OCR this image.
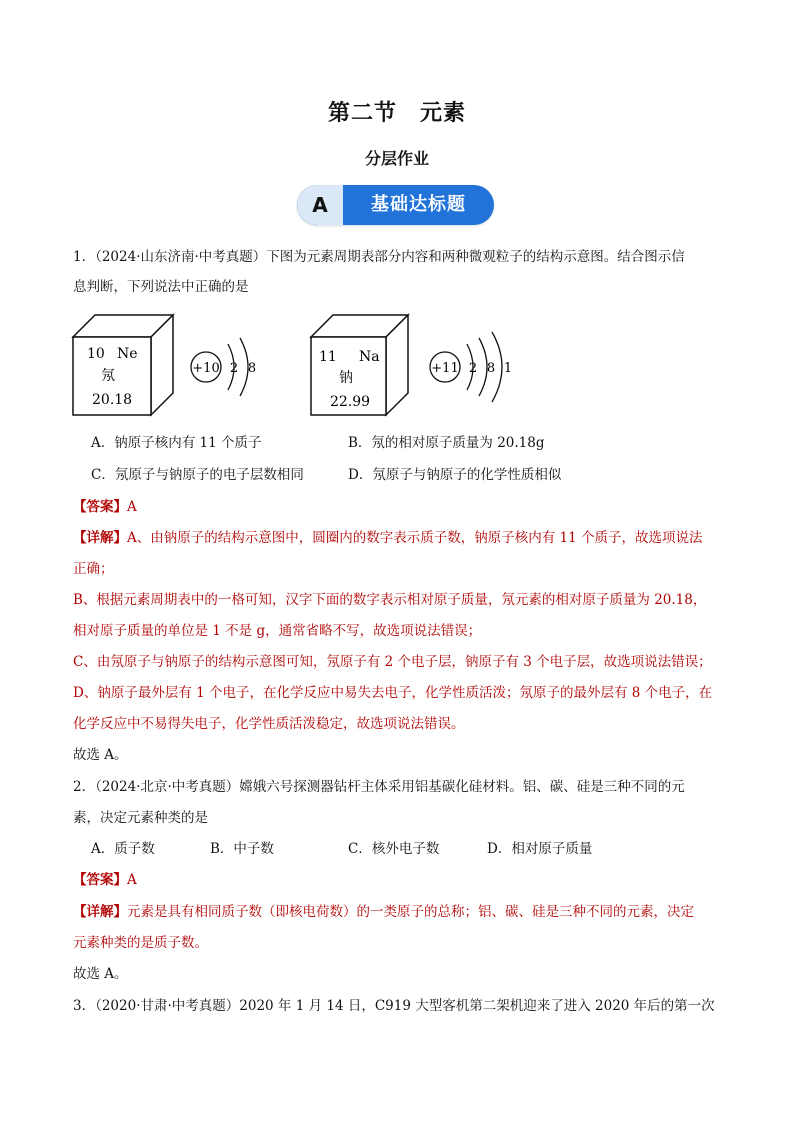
第二节　元素
分层作业
A	基础达标题
1．（2024·山东济南·中考真题）下图为元素周期表部分内容和两种微观粒子的结构示意图。结合图示信
息判断，下列说法中正确的是
10 Ne
氖
20.18
+10 2 8
11 Na
钠
22.99
+11 2 8 1
A．钠原子核内有 11 个质子	B．氖的相对原子质量为 20.18g
C．氖原子与钠原子的电子层数相同	D．氖原子与钠原子的化学性质相似
【答案】A
【详解】A、由钠原子的结构示意图中，圆圈内的数字表示质子数，钠原子核内有 11 个质子，故选项说法
正确；
B、根据元素周期表中的一格可知，汉字下面的数字表示相对原子质量，氖元素的相对原子质量为 20.18，
相对原子质量的单位是 1 不是 g，通常省略不写，故选项说法错误；
C、由氖原子与钠原子的结构示意图可知，氖原子有 2 个电子层，钠原子有 3 个电子层，故选项说法错误；
D、钠原子最外层有 1 个电子，在化学反应中易失去电子，化学性质活泼；氖原子的最外层有 8 个电子，在
化学反应中不易得失电子，化学性质活泼稳定，故选项说法错误。
故选 A。
2．（2024·北京·中考真题）嫦娥六号探测器钻杆主体采用铝基碳化硅材料。铝、碳、硅是三种不同的元
素，决定元素种类的是
A．质子数	B．中子数	C．核外电子数	D．相对原子质量
【答案】A
【详解】元素是具有相同质子数（即核电荷数）的一类原子的总称；铝、碳、硅是三种不同的元素，决定
元素种类的是质子数。
故选 A。
3．（2020·甘肃·中考真题）2020 年 1 月 14 日，C919 大型客机第二架机迎来了进入 2020 年后的第一次
